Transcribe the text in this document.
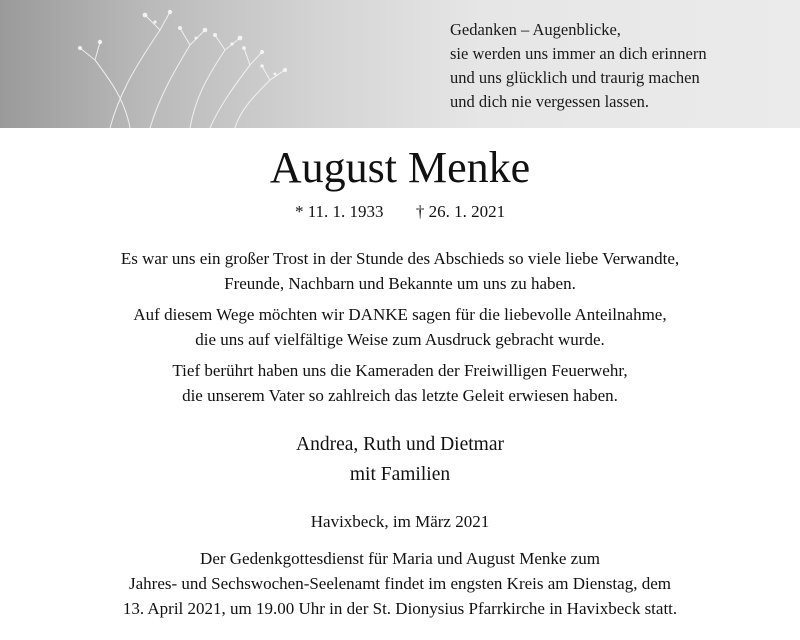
Gedanken – Augenblicke,
sie werden uns immer an dich erinnern
und uns glücklich und traurig machen
und dich nie vergessen lassen.
August Menke
* 11. 1. 1933 † 26. 1. 2021
Es war uns ein großer Trost in der Stunde des Abschieds so viele liebe Verwandte,
Freunde, Nachbarn und Bekannte um uns zu haben.
Auf diesem Wege möchten wir DANKE sagen für die liebevolle Anteilnahme,
die uns auf vielfältige Weise zum Ausdruck gebracht wurde.
Tief berührt haben uns die Kameraden der Freiwilligen Feuerwehr,
die unserem Vater so zahlreich das letzte Geleit erwiesen haben.
Andrea, Ruth und Dietmar
mit Familien
Havixbeck, im März 2021
Der Gedenkgottesdienst für Maria und August Menke zum
Jahres- und Sechswochen-Seelenamt findet im engsten Kreis am Dienstag, dem
13. April 2021, um 19.00 Uhr in der St. Dionysius Pfarrkirche in Havixbeck statt.
